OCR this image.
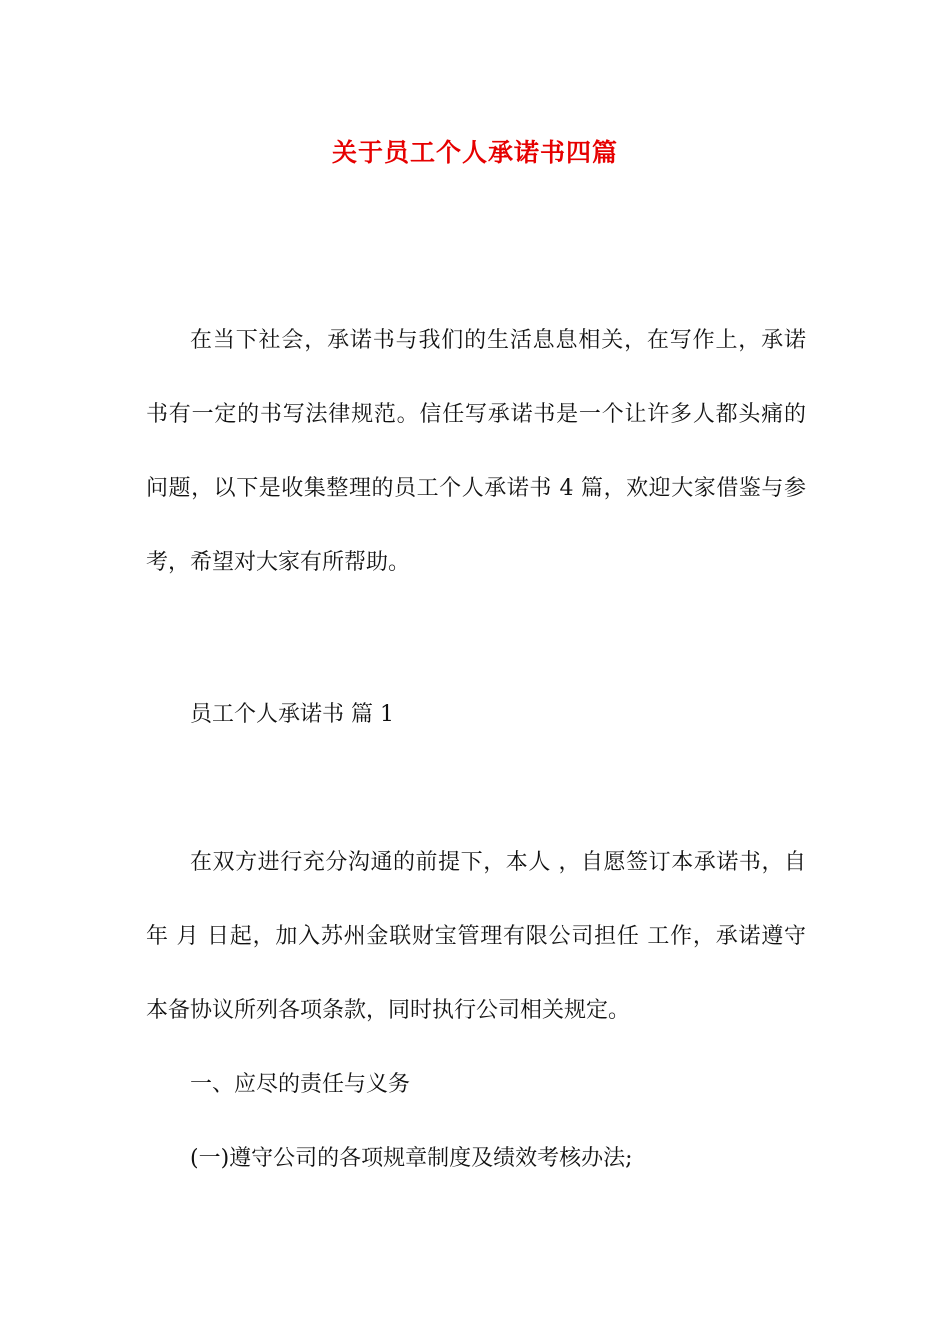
关于员工个人承诺书四篇
在当下社会，承诺书与我们的生活息息相关，在写作上，承诺
书有一定的书写法律规范。信任写承诺书是一个让许多人都头痛的
问题，以下是收集整理的员工个人承诺书 4 篇，欢迎大家借鉴与参
考，希望对大家有所帮助。
员工个人承诺书 篇 1
在双方进行充分沟通的前提下，本人 ，自愿签订本承诺书，自
年 月 日起，加入苏州金联财宝管理有限公司担任 工作，承诺遵守
本备协议所列各项条款，同时执行公司相关规定。
一、应尽的责任与义务
(一)遵守公司的各项规章制度及绩效考核办法;
